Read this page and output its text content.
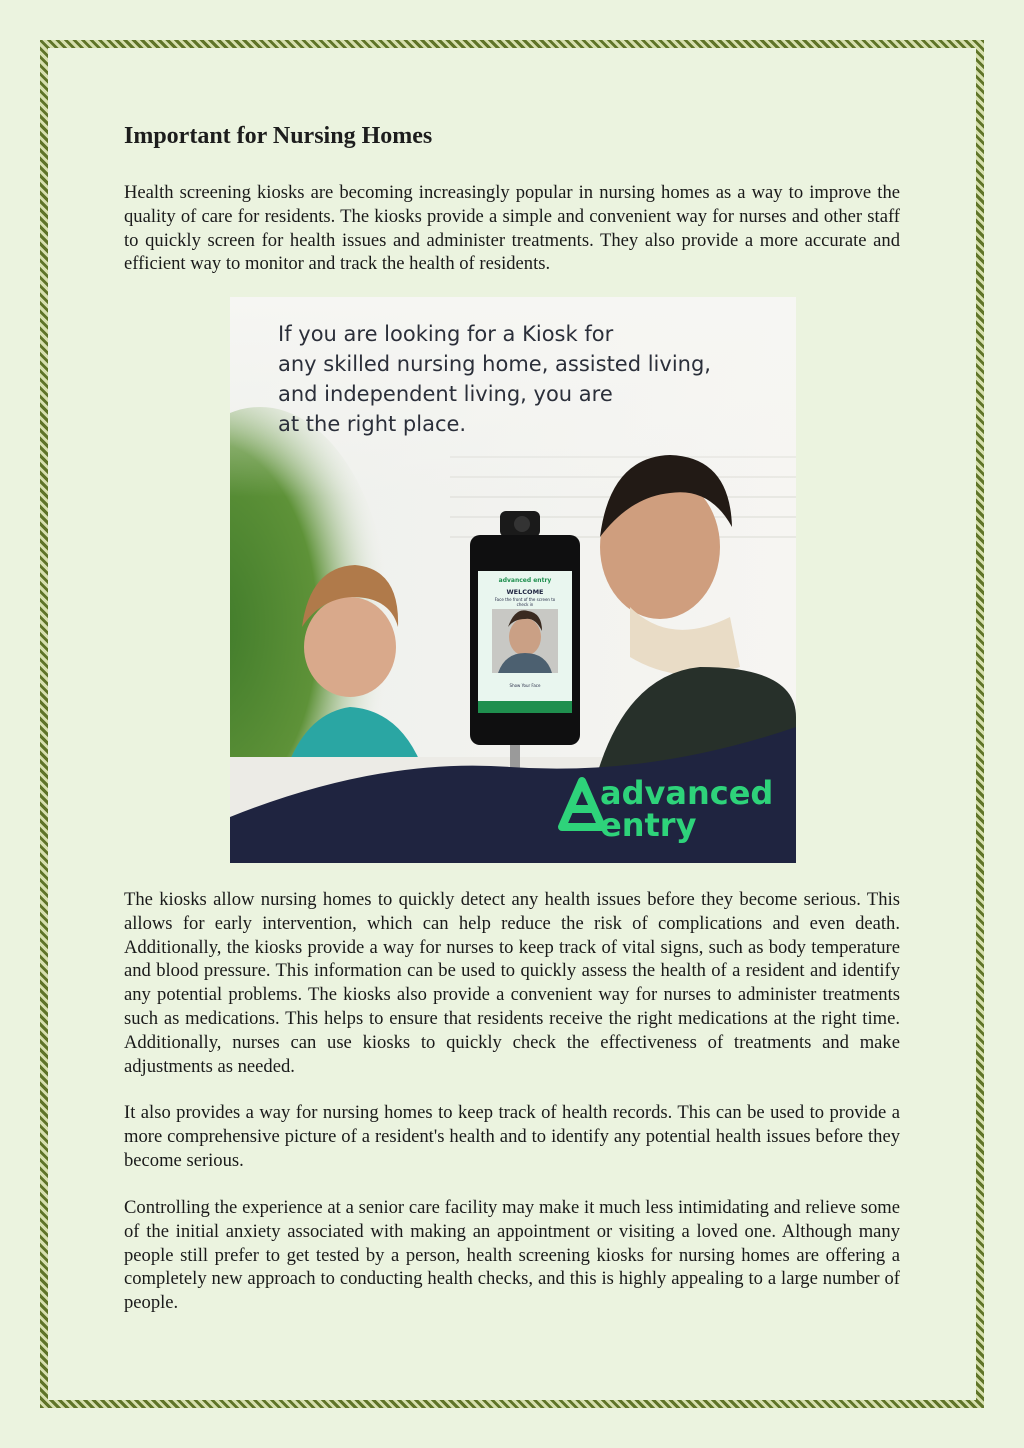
Important for Nursing Homes

Health screening kiosks are becoming increasingly popular in nursing homes as a way to improve the quality of care for residents. The kiosks provide a simple and convenient way for nurses and other staff to quickly screen for health issues and administer treatments. They also provide a more accurate and efficient way to monitor and track the health of residents.

If you are looking for a Kiosk for
any skilled nursing home, assisted living,
and independent living, you are
at the right place.

advanced entry
WELCOME
Face the front of the screen to check in
Show Your Face
advanced
entry

The kiosks allow nursing homes to quickly detect any health issues before they become serious. This allows for early intervention, which can help reduce the risk of complications and even death. Additionally, the kiosks provide a way for nurses to keep track of vital signs, such as body temperature and blood pressure. This information can be used to quickly assess the health of a resident and identify any potential problems. The kiosks also provide a convenient way for nurses to administer treatments such as medications. This helps to ensure that residents receive the right medications at the right time. Additionally, nurses can use kiosks to quickly check the effectiveness of treatments and make adjustments as needed.

It also provides a way for nursing homes to keep track of health records. This can be used to provide a more comprehensive picture of a resident's health and to identify any potential health issues before they become serious.

Controlling the experience at a senior care facility may make it much less intimidating and relieve some of the initial anxiety associated with making an appointment or visiting a loved one. Although many people still prefer to get tested by a person, health screening kiosks for nursing homes are offering a completely new approach to conducting health checks, and this is highly appealing to a large number of people.
